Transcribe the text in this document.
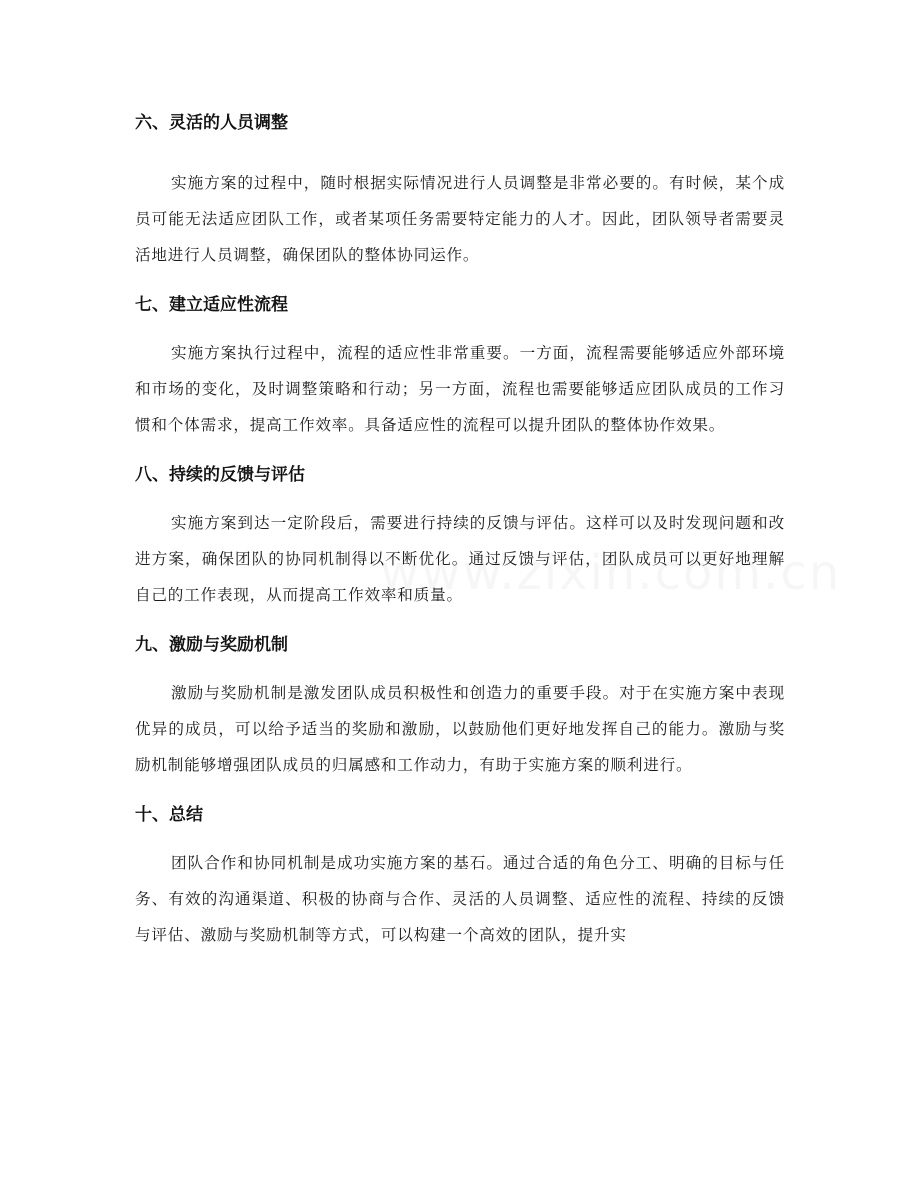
六、灵活的人员调整

实施方案的过程中，随时根据实际情况进行人员调整是非常必要的。有时候，某个成员可能无法适应团队工作，或者某项任务需要特定能力的人才。因此，团队领导者需要灵活地进行人员调整，确保团队的整体协同运作。

七、建立适应性流程

实施方案执行过程中，流程的适应性非常重要。一方面，流程需要能够适应外部环境和市场的变化，及时调整策略和行动；另一方面，流程也需要能够适应团队成员的工作习惯和个体需求，提高工作效率。具备适应性的流程可以提升团队的整体协作效果。

八、持续的反馈与评估

实施方案到达一定阶段后，需要进行持续的反馈与评估。这样可以及时发现问题和改进方案，确保团队的协同机制得以不断优化。通过反馈与评估，团队成员可以更好地理解自己的工作表现，从而提高工作效率和质量。

九、激励与奖励机制

激励与奖励机制是激发团队成员积极性和创造力的重要手段。对于在实施方案中表现优异的成员，可以给予适当的奖励和激励，以鼓励他们更好地发挥自己的能力。激励与奖励机制能够增强团队成员的归属感和工作动力，有助于实施方案的顺利进行。

十、总结

团队合作和协同机制是成功实施方案的基石。通过合适的角色分工、明确的目标与任务、有效的沟通渠道、积极的协商与合作、灵活的人员调整、适应性的流程、持续的反馈与评估、激励与奖励机制等方式，可以构建一个高效的团队，提升实
